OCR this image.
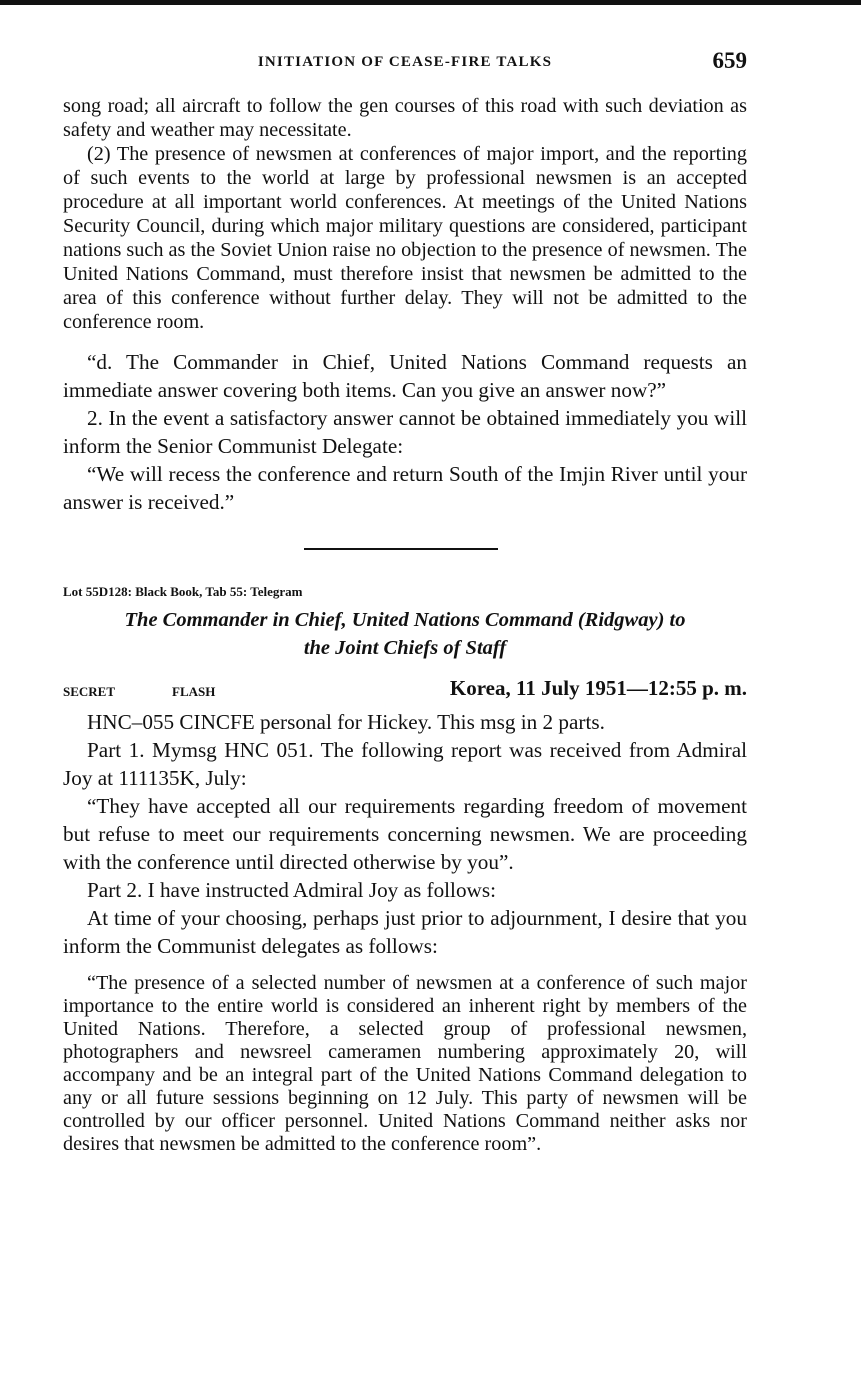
INITIATION OF CEASE-FIRE TALKS	659

song road; all aircraft to follow the gen courses of this road with such deviation as safety and weather may necessitate.

(2) The presence of newsmen at conferences of major import, and the reporting of such events to the world at large by professional newsmen is an accepted procedure at all important world conferences. At meetings of the United Nations Security Council, during which major military questions are considered, participant nations such as the Soviet Union raise no objection to the presence of newsmen. The United Nations Command, must therefore insist that newsmen be admitted to the area of this conference without further delay. They will not be admitted to the conference room.

“d. The Commander in Chief, United Nations Command requests an immediate answer covering both items. Can you give an answer now?”

2. In the event a satisfactory answer cannot be obtained immediately you will inform the Senior Communist Delegate:

“We will recess the conference and return South of the Imjin River until your answer is received.”

Lot 55D128: Black Book, Tab 55: Telegram
The Commander in Chief, United Nations Command (Ridgway) to
the Joint Chiefs of Staff
SECRET	FLASH	Korea, 11 July 1951—12:55 p. m.

HNC–055 CINCFE personal for Hickey. This msg in 2 parts.

Part 1. Mymsg HNC 051. The following report was received from Admiral Joy at 111135K, July:

“They have accepted all our requirements regarding freedom of movement but refuse to meet our requirements concerning newsmen. We are proceeding with the conference until directed otherwise by you”.

Part 2. I have instructed Admiral Joy as follows:

At time of your choosing, perhaps just prior to adjournment, I desire that you inform the Communist delegates as follows:

“The presence of a selected number of newsmen at a conference of such major importance to the entire world is considered an inherent right by members of the United Nations. Therefore, a selected group of professional newsmen, photographers and newsreel cameramen numbering approximately 20, will accompany and be an integral part of the United Nations Command delegation to any or all future sessions beginning on 12 July. This party of newsmen will be controlled by our officer personnel. United Nations Command neither asks nor desires that newsmen be admitted to the conference room”.
